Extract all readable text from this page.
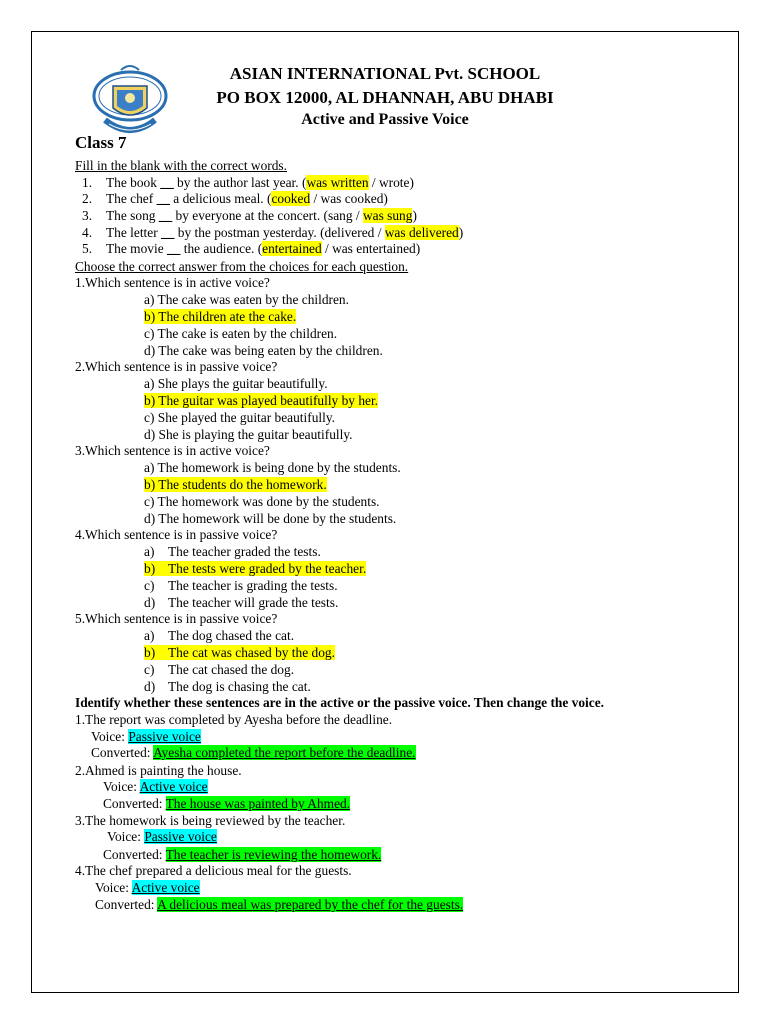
ASIAN INTERNATIONAL Pvt. SCHOOL
PO BOX 12000, AL DHANNAH, ABU DHABI
Active and Passive Voice
Class 7
Fill in the blank with the correct words.
1. The book __ by the author last year. (was written / wrote)
2. The chef __ a delicious meal. (cooked / was cooked)
3. The song __ by everyone at the concert. (sang / was sung)
4. The letter __ by the postman yesterday. (delivered / was delivered)
5. The movie __ the audience. (entertained / was entertained)
Choose the correct answer from the choices for each question.
1.Which sentence is in active voice?
a) The cake was eaten by the children.
b) The children ate the cake.
c) The cake is eaten by the children.
d) The cake was being eaten by the children.
2.Which sentence is in passive voice?
a) She plays the guitar beautifully.
b) The guitar was played beautifully by her.
c) She played the guitar beautifully.
d) She is playing the guitar beautifully.
3.Which sentence is in active voice?
a) The homework is being done by the students.
b) The students do the homework.
c) The homework was done by the students.
d) The homework will be done by the students.
4.Which sentence is in passive voice?
a) The teacher graded the tests.
b) The tests were graded by the teacher.
c) The teacher is grading the tests.
d) The teacher will grade the tests.
5.Which sentence is in passive voice?
a) The dog chased the cat.
b) The cat was chased by the dog.
c) The cat chased the dog.
d) The dog is chasing the cat.
Identify whether these sentences are in the active or the passive voice. Then change the voice.
1.The report was completed by Ayesha before the deadline.
Voice: Passive voice
Converted: Ayesha completed the report before the deadline.
2.Ahmed is painting the house.
Voice: Active voice
Converted: The house was painted by Ahmed.
3.The homework is being reviewed by the teacher.
Voice: Passive voice
Converted: The teacher is reviewing the homework.
4.The chef prepared a delicious meal for the guests.
Voice: Active voice
Converted: A delicious meal was prepared by the chef for the guests.
